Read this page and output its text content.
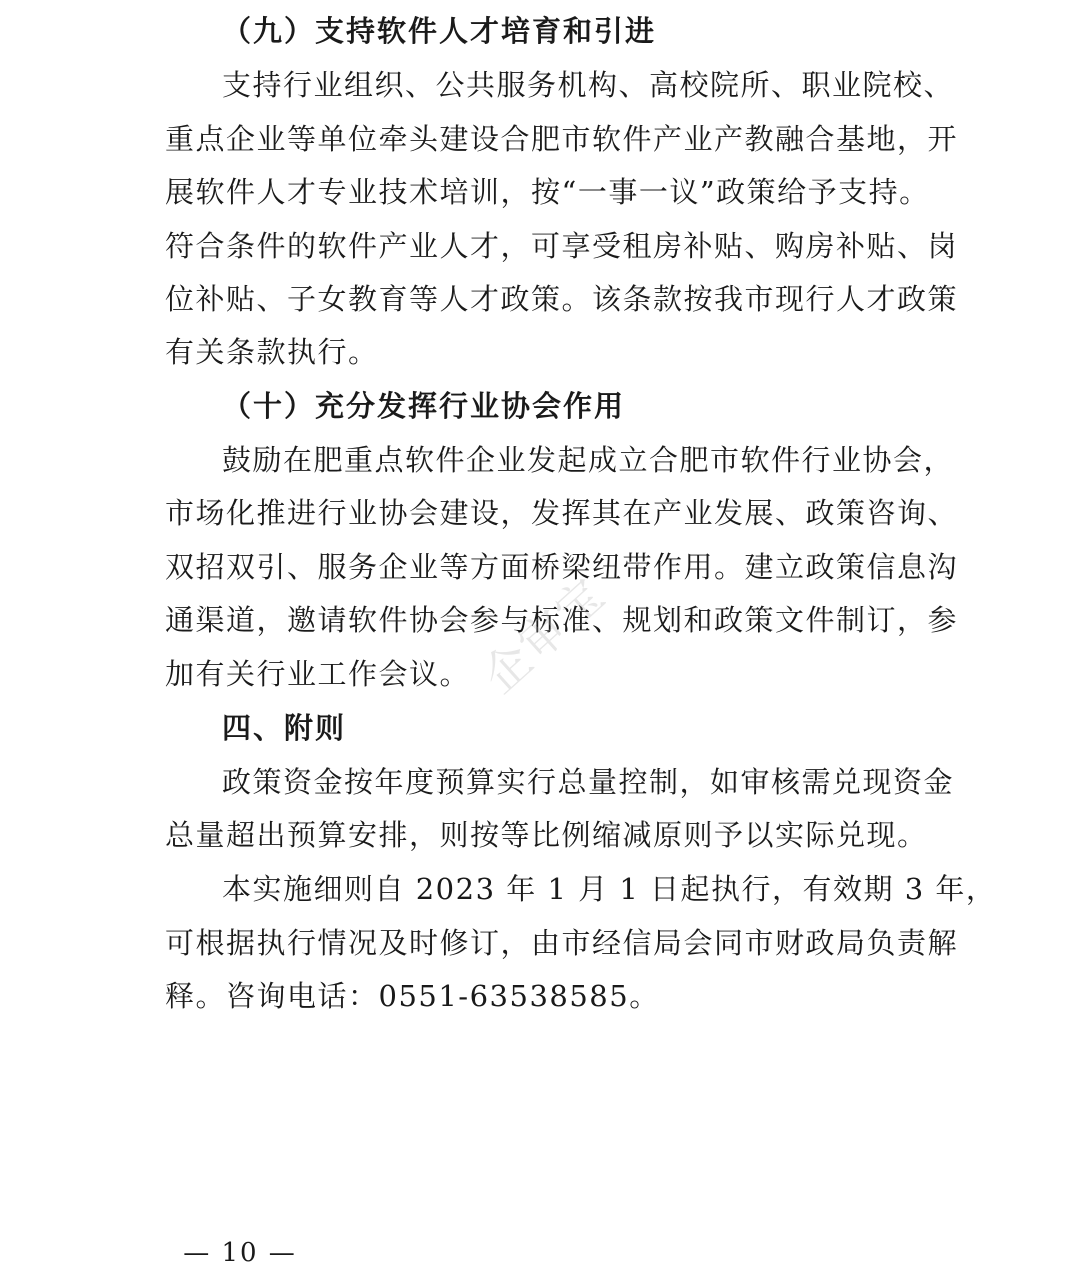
（九）支持软件人才培育和引进
支持行业组织、公共服务机构、高校院所、职业院校、
重点企业等单位牵头建设合肥市软件产业产教融合基地，开
展软件人才专业技术培训，按“一事一议”政策给予支持。
符合条件的软件产业人才，可享受租房补贴、购房补贴、岗
位补贴、子女教育等人才政策。该条款按我市现行人才政策
有关条款执行。
（十）充分发挥行业协会作用
鼓励在肥重点软件企业发起成立合肥市软件行业协会，
市场化推进行业协会建设，发挥其在产业发展、政策咨询、
双招双引、服务企业等方面桥梁纽带作用。建立政策信息沟
通渠道，邀请软件协会参与标准、规划和政策文件制订，参
加有关行业工作会议。
四、附则
政策资金按年度预算实行总量控制，如审核需兑现资金
总量超出预算安排，则按等比例缩减原则予以实际兑现。
本实施细则自 2023 年 1 月 1 日起执行，有效期 3 年，
可根据执行情况及时修订，由市经信局会同市财政局负责解
释。咨询电话：0551-63538585。
企审宝
— 10 —
